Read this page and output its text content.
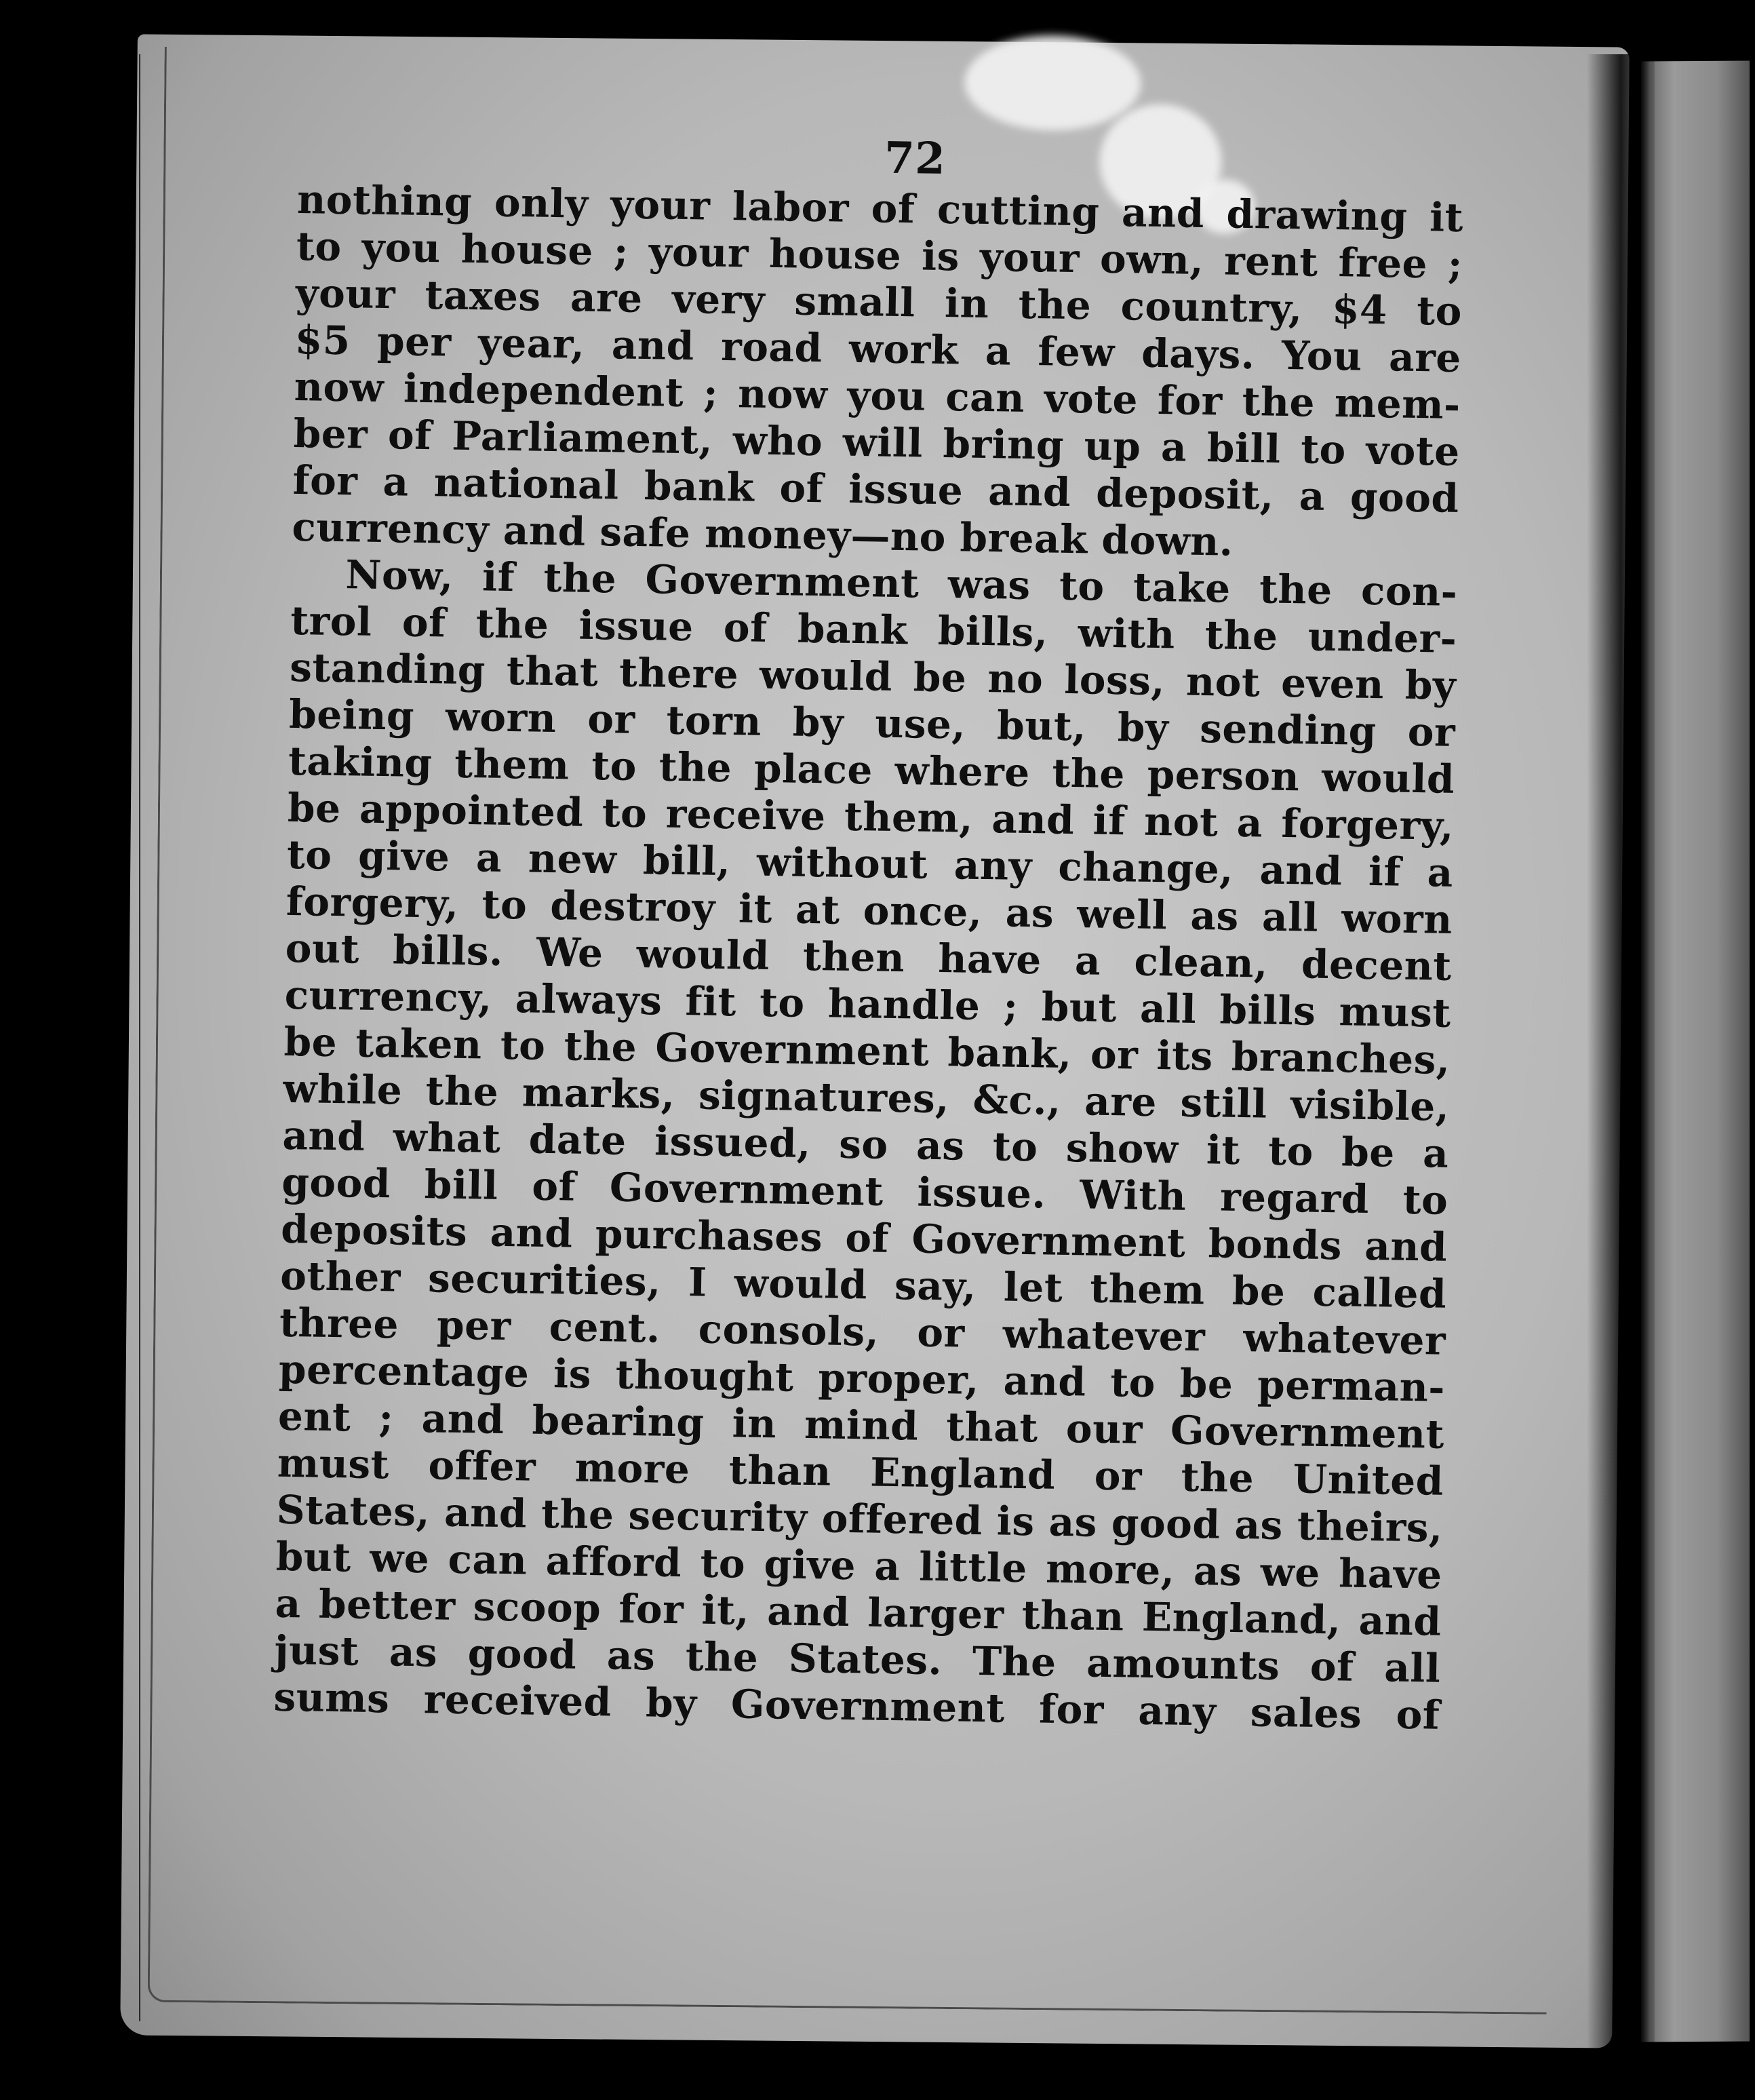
72
nothing only your labor of cutting and drawing it
to you house ; your house is your own, rent free ;
your taxes are very small in the country, $4 to
$5 per year, and road work a few days. You are
now independent ; now you can vote for the mem-
ber of Parliament, who will bring up a bill to vote
for a national bank of issue and deposit, a good
currency and safe money—no break down.
Now, if the Government was to take the con-
trol of the issue of bank bills, with the under-
standing that there would be no loss, not even by
being worn or torn by use, but, by sending or
taking them to the place where the person would
be appointed to receive them, and if not a forgery,
to give a new bill, without any change, and if a
forgery, to destroy it at once, as well as all worn
out bills. We would then have a clean, decent
currency, always fit to handle ; but all bills must
be taken to the Government bank, or its branches,
while the marks, signatures, &c., are still visible,
and what date issued, so as to show it to be a
good bill of Government issue. With regard to
deposits and purchases of Government bonds and
other securities, I would say, let them be called
three per cent. consols, or whatever whatever
percentage is thought proper, and to be perman-
ent ; and bearing in mind that our Government
must offer more than England or the United
States, and the security offered is as good as theirs,
but we can afford to give a little more, as we have
a better scoop for it, and larger than England, and
just as good as the States. The amounts of all
sums received by Government for any sales of
